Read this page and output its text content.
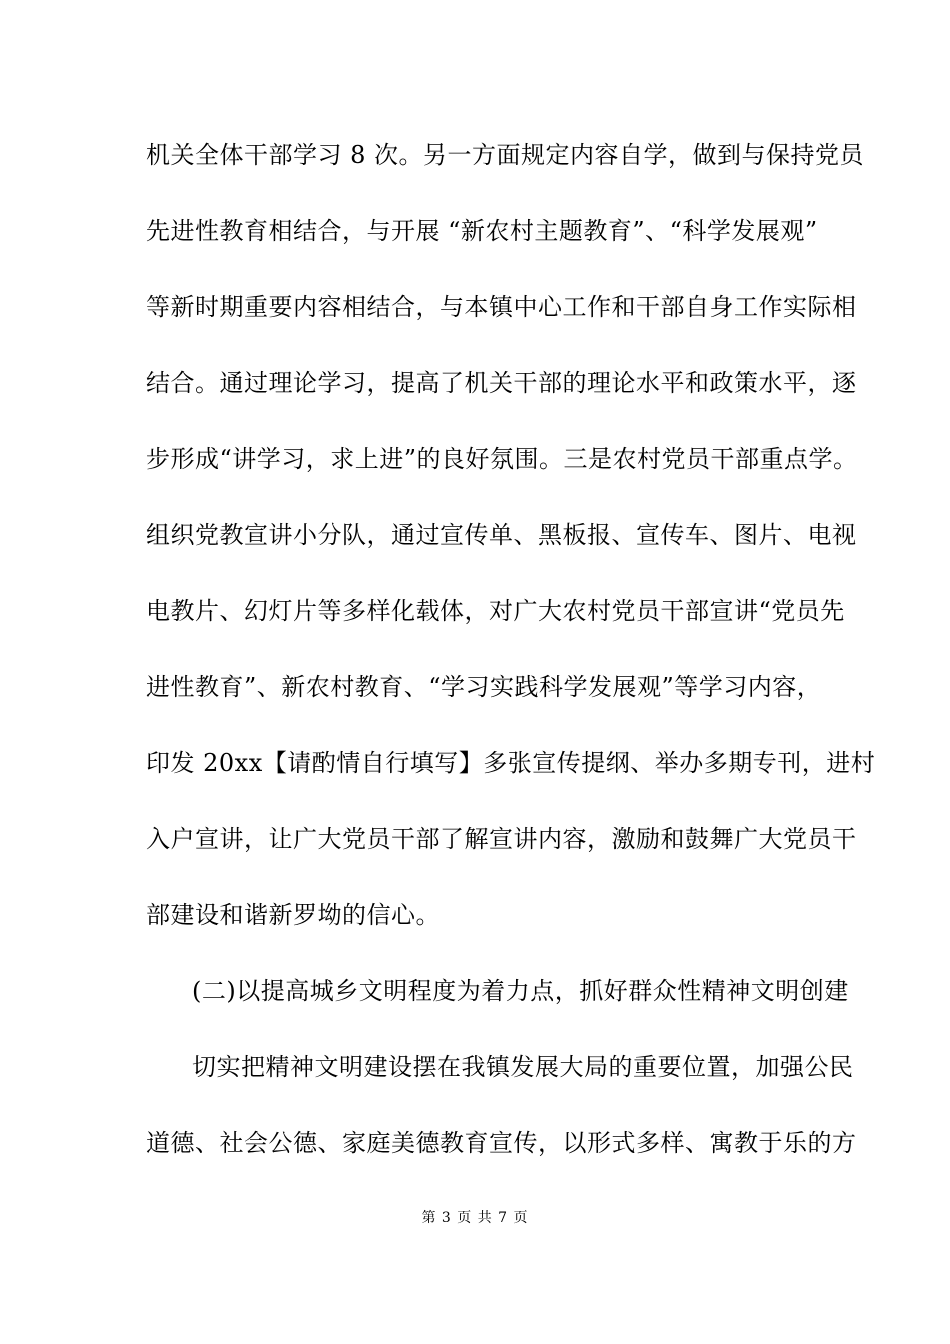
机关全体干部学习 8 次。另一方面规定内容自学，做到与保持党员
先进性教育相结合，与开展 “新农村主题教育”、“科学发展观”
等新时期重要内容相结合，与本镇中心工作和干部自身工作实际相
结合。通过理论学习，提高了机关干部的理论水平和政策水平，逐
步形成“讲学习，求上进”的良好氛围。三是农村党员干部重点学。
组织党教宣讲小分队，通过宣传单、黑板报、宣传车、图片、电视
电教片、幻灯片等多样化载体，对广大农村党员干部宣讲“党员先
进性教育”、新农村教育、“学习实践科学发展观”等学习内容，
印发 20xx【请酌情自行填写】多张宣传提纲、举办多期专刊，进村
入户宣讲，让广大党员干部了解宣讲内容，激励和鼓舞广大党员干
部建设和谐新罗坳的信心。
(二)以提高城乡文明程度为着力点，抓好群众性精神文明创建
切实把精神文明建设摆在我镇发展大局的重要位置，加强公民
道德、社会公德、家庭美德教育宣传，以形式多样、寓教于乐的方
第 3 页 共 7 页
